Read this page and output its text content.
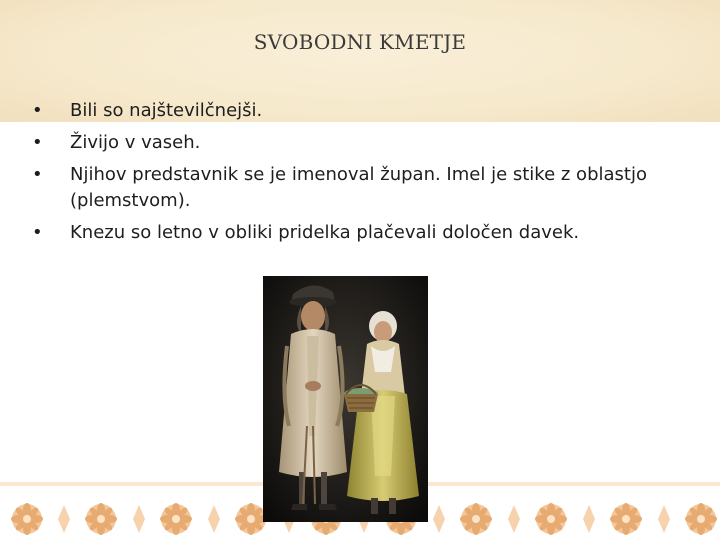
SVOBODNI KMETJE
• Bili so najštevilčnejši.
• Živijo v vaseh.
• Njihov predstavnik se je imenoval župan. Imel je stike z oblastjo (plemstvom).
• Knezu so letno v obliki pridelka plačevali določen davek.
